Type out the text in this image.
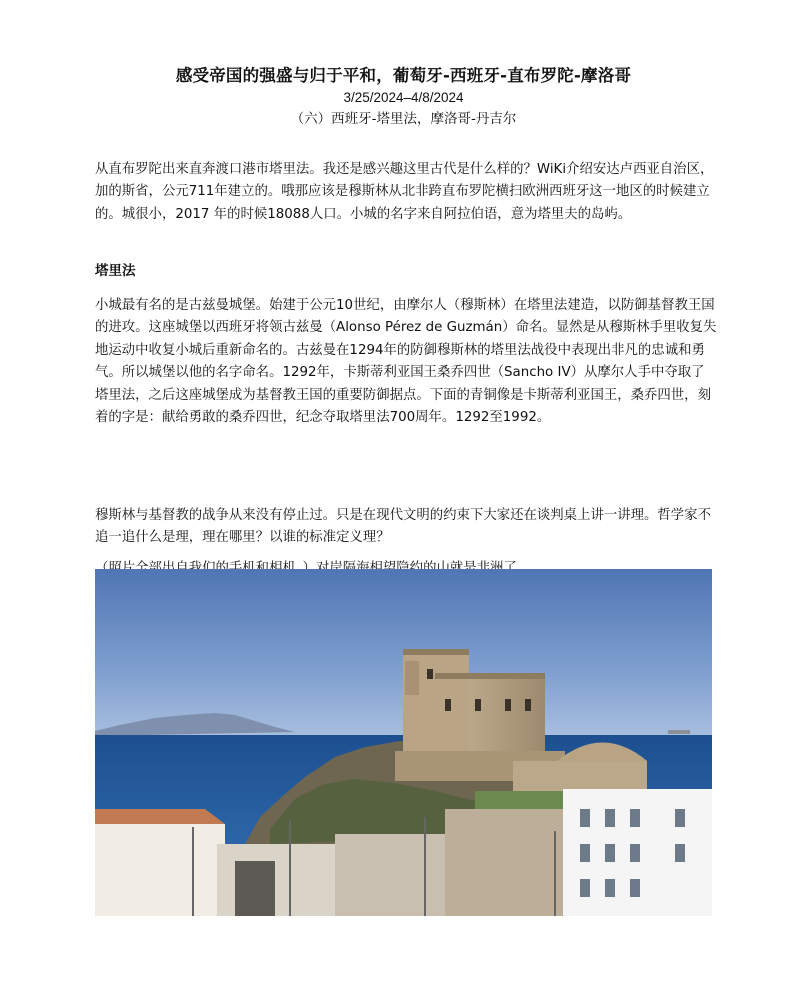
感受帝国的强盛与归于平和，葡萄牙-西班牙-直布罗陀-摩洛哥

3/25/2024–4/8/2024

（六）西班牙-塔里法，摩洛哥-丹吉尔

从直布罗陀出来直奔渡口港市塔里法。我还是感兴趣这里古代是什么样的？WiKi介绍安达卢西亚自治区，加的斯省，公元711年建立的。哦那应该是穆斯林从北非跨直布罗陀横扫欧洲西班牙这一地区的时候建立的。城很小，2017 年的时候18088人口。小城的名字来自阿拉伯语，意为塔里夫的岛屿。

塔里法

小城最有名的是古兹曼城堡。始建于公元10世纪，由摩尔人（穆斯林）在塔里法建造，以防御基督教王国的进攻。这座城堡以西班牙将领古兹曼（Alonso Pérez de Guzmán）命名。显然是从穆斯林手里收复失地运动中收复小城后重新命名的。古兹曼在1294年的防御穆斯林的塔里法战役中表现出非凡的忠诚和勇气。所以城堡以他的名字命名。1292年，卡斯蒂利亚国王桑乔四世（Sancho IV）从摩尔人手中夺取了塔里法，之后这座城堡成为基督教王国的重要防御据点。下面的青铜像是卡斯蒂利亚国王，桑乔四世，刻着的字是：献给勇敢的桑乔四世，纪念夺取塔里法700周年。1292至1992。

穆斯林与基督教的战争从来没有停止过。只是在现代文明的约束下大家还在谈判桌上讲一讲理。哲学家不追一追什么是理，理在哪里？以谁的标准定义理？
